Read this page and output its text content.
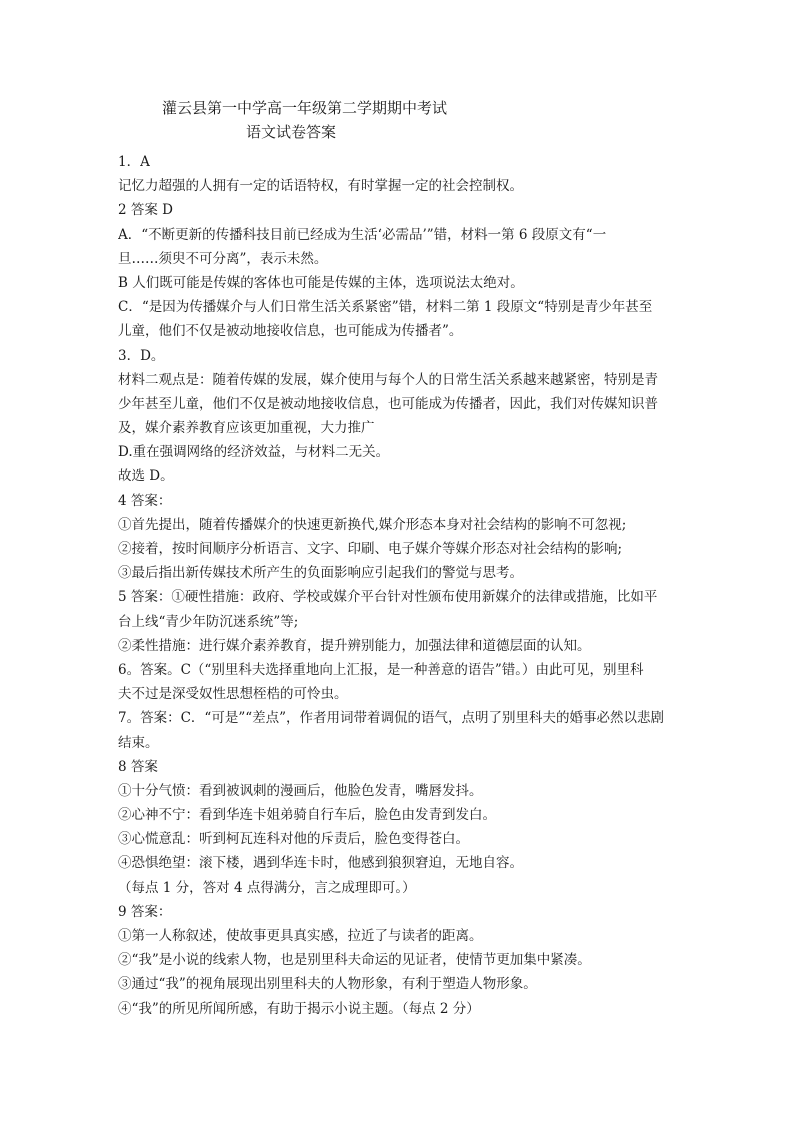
灌云县第一中学高一年级第二学期期中考试
语文试卷答案
1．A
记忆力超强的人拥有一定的话语特权，有时掌握一定的社会控制权。
2 答案 D
A．“不断更新的传播科技目前已经成为生活‘必需品’”错，材料一第 6 段原文有“一
旦……须臾不可分离”，表示未然。
B 人们既可能是传媒的客体也可能是传媒的主体，选项说法太绝对。
C．“是因为传播媒介与人们日常生活关系紧密”错，材料二第 1 段原文“特别是青少年甚至
儿童，他们不仅是被动地接收信息，也可能成为传播者”。
3．D。
材料二观点是：随着传媒的发展，媒介使用与每个人的日常生活关系越来越紧密，特别是青
少年甚至儿童，他们不仅是被动地接收信息，也可能成为传播者，因此，我们对传媒知识普
及，媒介素养教育应该更加重视，大力推广
D.重在强调网络的经济效益，与材料二无关。
故选 D。
4 答案：
①首先提出，随着传播媒介的快速更新换代,媒介形态本身对社会结构的影响不可忽视;
②接着，按时间顺序分析语言、文字、印刷、电子媒介等媒介形态对社会结构的影响;
③最后指出新传媒技术所产生的负面影响应引起我们的警觉与思考。
5 答案：①硬性措施：政府、学校或媒介平台针对性颁布使用新媒介的法律或措施，比如平
台上线“青少年防沉迷系统”等;
②柔性措施：进行媒介素养教育，提升辨别能力，加强法律和道德层面的认知。
6。答案。C（“别里科夫选择重地向上汇报，是一种善意的语告”错。）由此可见，别里科
夫不过是深受奴性思想桎梏的可怜虫。
7。答案：C．“可是”“差点”，作者用词带着调侃的语气，点明了别里科夫的婚事必然以悲剧
结束。
8 答案
①十分气愤：看到被讽刺的漫画后，他脸色发青，嘴唇发抖。
②心神不宁：看到华连卡姐弟骑自行车后，脸色由发青到发白。
③心慌意乱：听到柯瓦连科对他的斥责后，脸色变得苍白。
④恐惧绝望：滚下楼，遇到华连卡时，他感到狼狈窘迫，无地自容。
（每点 1 分，答对 4 点得满分，言之成理即可。）
9 答案：
①第一人称叙述，使故事更具真实感，拉近了与读者的距离。
②“我”是小说的线索人物，也是别里科夫命运的见证者，使情节更加集中紧凑。
③通过“我”的视角展现出别里科夫的人物形象，有利于塑造人物形象。
④“我”的所见所闻所感，有助于揭示小说主题。（每点 2 分）
